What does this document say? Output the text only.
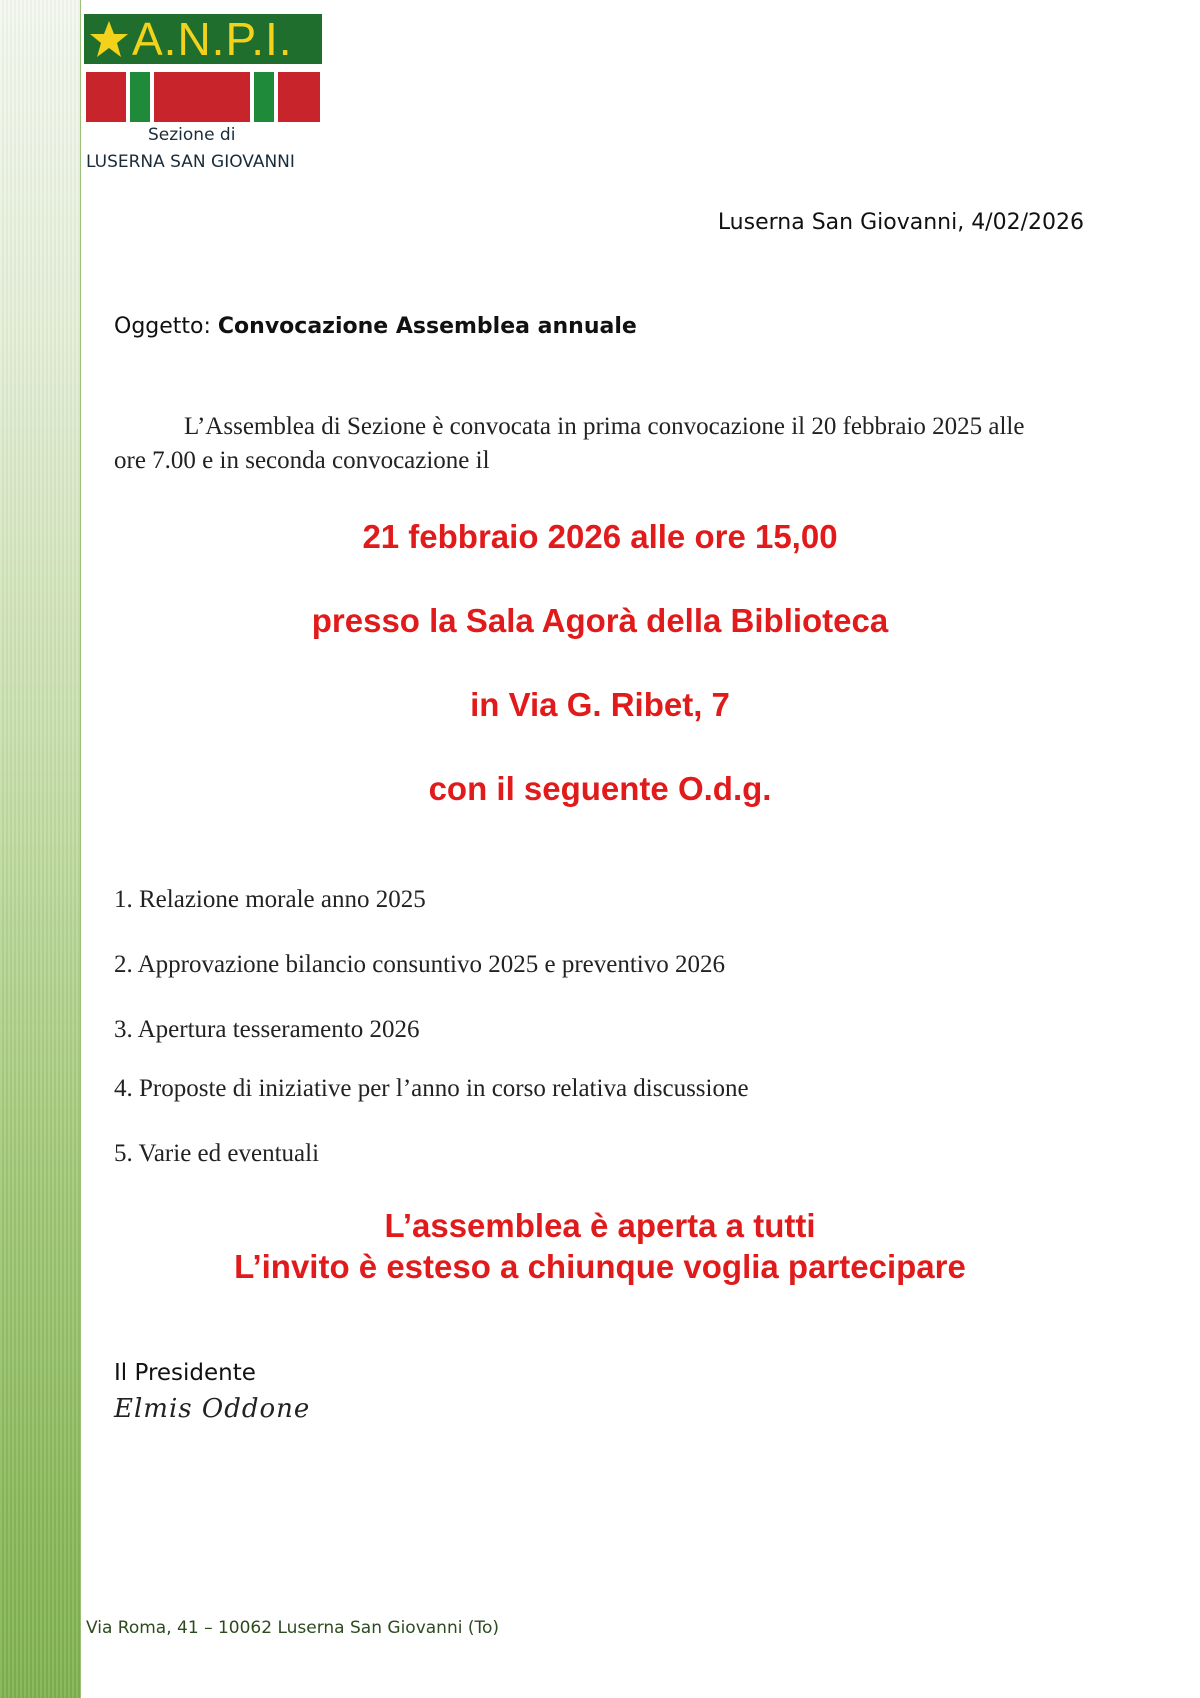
A.N.P.I.
Sezione di
LUSERNA SAN GIOVANNI
Luserna San Giovanni, 4/02/2026
Oggetto: Convocazione Assemblea annuale
L’Assemblea di Sezione è convocata in prima convocazione il 20 febbraio 2025 alle ore 7.00 e in seconda convocazione il
21 febbraio 2026 alle ore 15,00
presso la Sala Agorà della Biblioteca
in Via G. Ribet, 7
con il seguente O.d.g.
1. Relazione morale anno 2025
2. Approvazione bilancio consuntivo 2025 e preventivo 2026
3. Apertura tesseramento 2026
4. Proposte di iniziative per l’anno in corso relativa discussione
5. Varie ed eventuali
L’assemblea è aperta a tutti
L’invito è esteso a chiunque voglia partecipare
Il Presidente
Elmis Oddone
Via Roma, 41 – 10062 Luserna San Giovanni (To)
